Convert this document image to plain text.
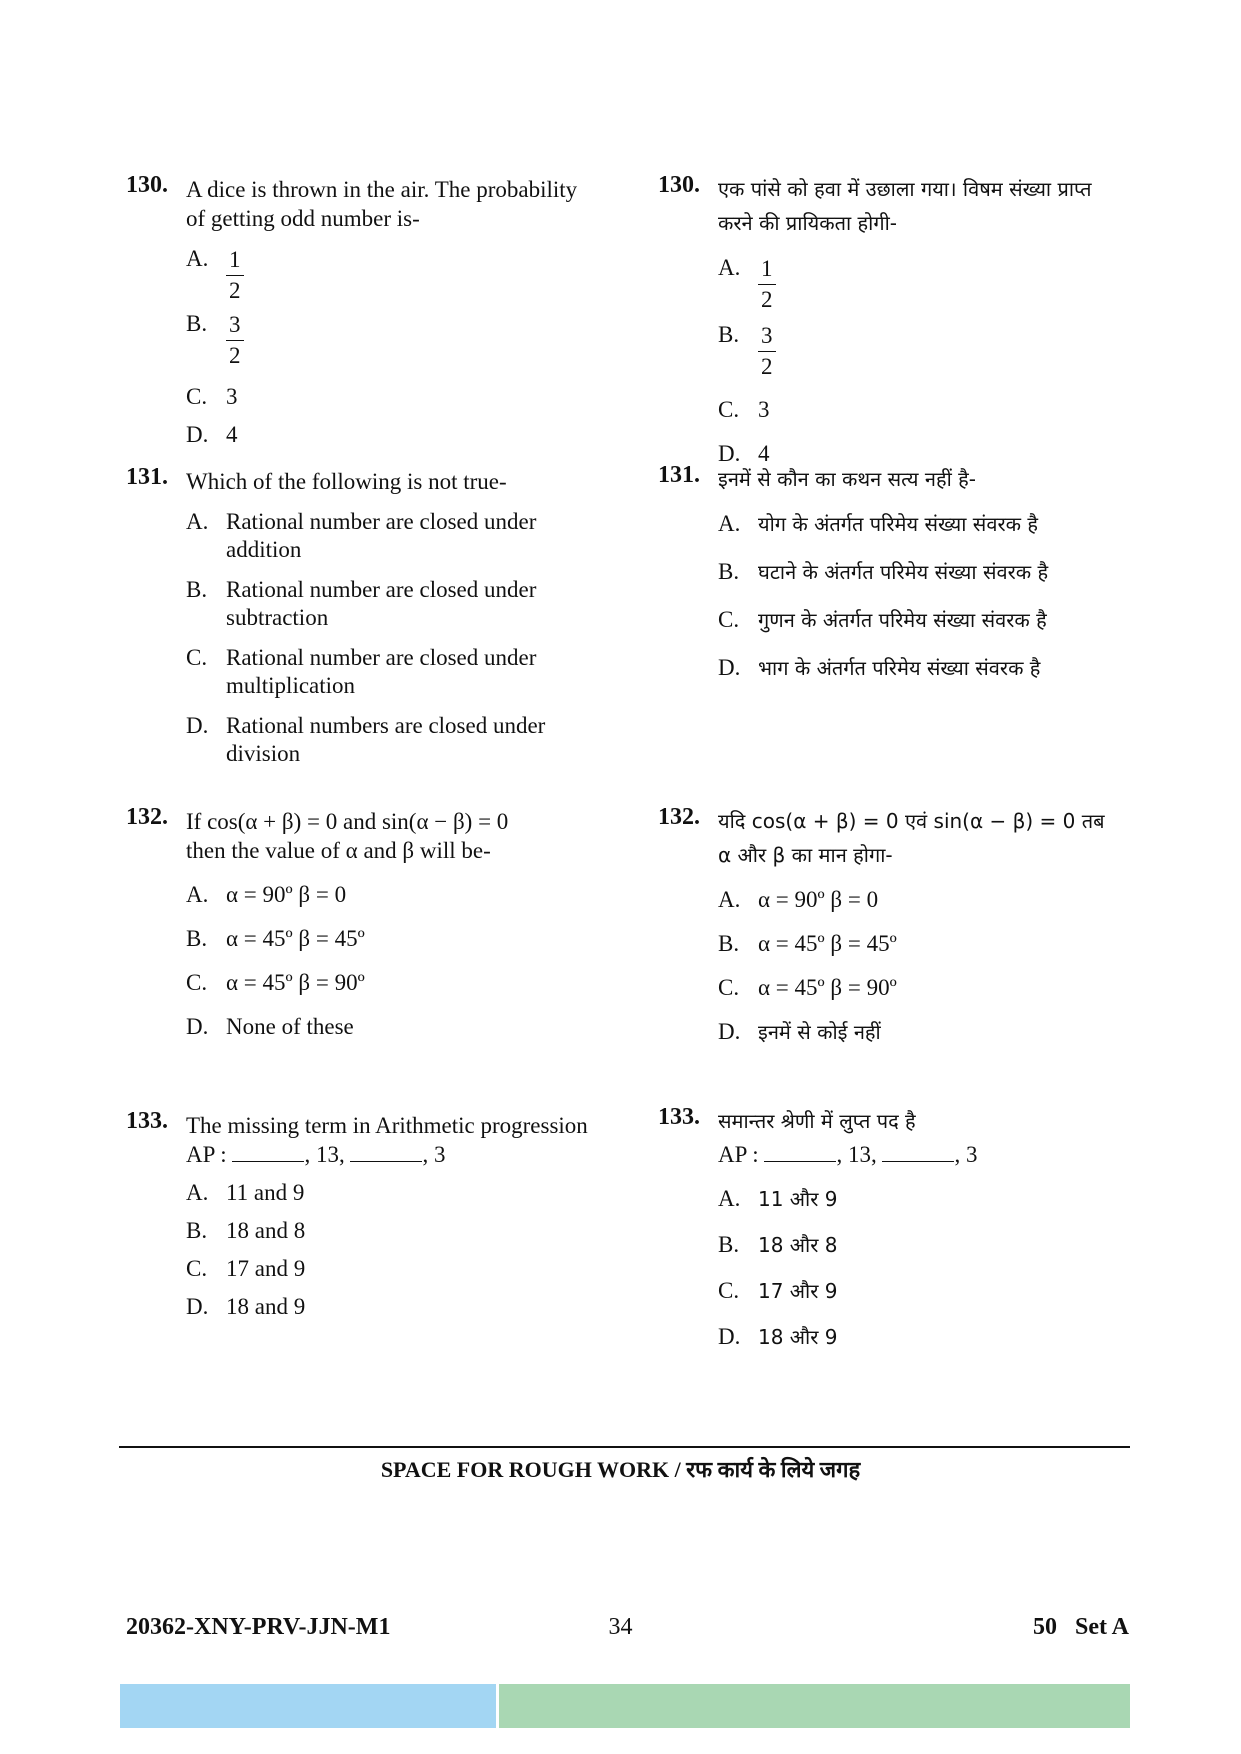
130. A dice is thrown in the air. The probability of getting odd number is-
A. $\frac{1}{2}$
B. $\frac{3}{2}$
C. 3
D. 4
131. Which of the following is not true-
A. Rational number are closed under addition
B. Rational number are closed under subtraction
C. Rational number are closed under multiplication
D. Rational numbers are closed under division
132. If cos(α + β) = 0 and sin(α − β) = 0
then the value of α and β will be-
A. α = 90º β = 0
B. α = 45º β = 45º
C. α = 45º β = 90º
D. None of these
133. The missing term in Arithmetic progression
AP :	, 13,	, 3
A. 11 and 9
B. 18 and 8
C. 17 and 9
D. 18 and 9
130. एक पांसे को हवा में उछाला गया। विषम संख्या प्राप्त करने की प्रायिकता होगी-
A. $\frac{1}{2}$
B. $\frac{3}{2}$
C. 3
D. 4
131. इनमें से कौन का कथन सत्य नहीं है-
A. योग के अंतर्गत परिमेय संख्या संवरक है
B. घटाने के अंतर्गत परिमेय संख्या संवरक है
C. गुणन के अंतर्गत परिमेय संख्या संवरक है
D. भाग के अंतर्गत परिमेय संख्या संवरक है
132. यदि cos(α + β) = 0 एवं sin(α − β) = 0 तब
α और β का मान होगा-
A. α = 90º β = 0
B. α = 45º β = 45º
C. α = 45º β = 90º
D. इनमें से कोई नहीं
133. समान्तर श्रेणी में लुप्त पद है
AP :	, 13,	, 3
A. 11 और 9
B. 18 और 8
C. 17 और 9
D. 18 और 9
SPACE FOR ROUGH WORK / रफ कार्य के लिये जगह
20362-XNY-PRV-JJN-M1	34	50   Set A
